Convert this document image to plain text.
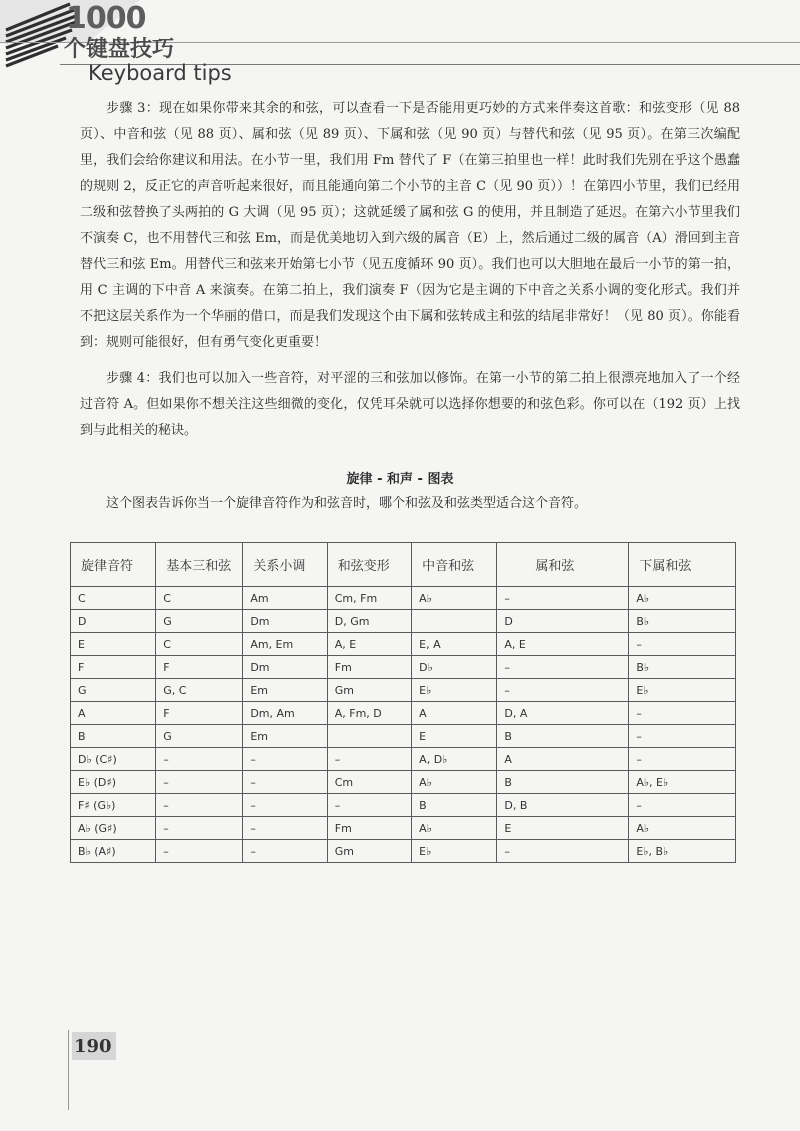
1000
个键盘技巧
Keyboard tips

步骤 3：现在如果你带来其余的和弦，可以查看一下是否能用更巧妙的方式来伴奏这首歌：和弦变形（见 88 页）、中音和弦（见 88 页）、属和弦（见 89 页）、下属和弦（见 90 页）与替代和弦（见 95 页）。在第三次编配里，我们会给你建议和用法。在小节一里，我们用 Fm 替代了 F（在第三拍里也一样！此时我们先别在乎这个愚蠢的规则 2，反正它的声音听起来很好，而且能通向第二个小节的主音 C（见 90 页））！在第四小节里，我们已经用二级和弦替换了头两拍的 G 大调（见 95 页）；这就延缓了属和弦 G 的使用，并且制造了延迟。在第六小节里我们不演奏 C，也不用替代三和弦 Em，而是优美地切入到六级的属音（E）上，然后通过二级的属音（A）滑回到主音替代三和弦 Em。用替代三和弦来开始第七小节（见五度循环 90 页）。我们也可以大胆地在最后一小节的第一拍，用 C 主调的下中音 A 来演奏。在第二拍上，我们演奏 F（因为它是主调的下中音之关系小调的变化形式。我们并不把这层关系作为一个华丽的借口，而是我们发现这个由下属和弦转成主和弦的结尾非常好！（见 80 页）。你能看到：规则可能很好，但有勇气变化更重要！

步骤 4：我们也可以加入一些音符，对平涩的三和弦加以修饰。在第一小节的第二拍上很漂亮地加入了一个经过音符 A。但如果你不想关注这些细微的变化，仅凭耳朵就可以选择你想要的和弦色彩。你可以在（192 页）上找到与此相关的秘诀。

旋律 - 和声 - 图表
这个图表告诉你当一个旋律音符作为和弦音时，哪个和弦及和弦类型适合这个音符。
旋律音符	基本三和弦	关系小调	和弦变形	中音和弦	属和弦	下属和弦
C	C	Am	Cm, Fm	A♭	–	A♭
D	G	Dm	D, Gm		D	B♭
E	C	Am, Em	A, E	E, A	A, E	–
F	F	Dm	Fm	D♭	–	B♭
G	G, C	Em	Gm	E♭	–	E♭
A	F	Dm, Am	A, Fm, D	A	D, A	–
B	G	Em		E	B	–
D♭ (C♯)	–	–	–	A, D♭	A	–
E♭ (D♯)	–	–	Cm	A♭	B	A♭, E♭
F♯ (G♭)	–	–	–	B	D, B	–
A♭ (G♯)	–	–	Fm	A♭	E	A♭
B♭ (A♯)	–	–	Gm	E♭	–	E♭, B♭
190
